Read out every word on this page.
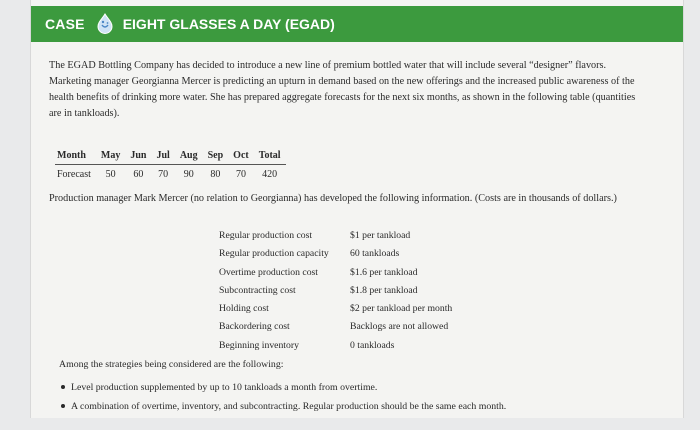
CASE	EIGHT GLASSES A DAY (EGAD)
The EGAD Bottling Company has decided to introduce a new line of premium bottled water that will include several “designer” flavors. Marketing manager Georgianna Mercer is predicting an upturn in demand based on the new offerings and the increased public awareness of the health benefits of drinking more water. She has prepared aggregate forecasts for the next six months, as shown in the following table (quantities are in tankloads).
Month	May	Jun	Jul	Aug	Sep	Oct	Total
Forecast	50	60	70	90	80	70	420
Production manager Mark Mercer (no relation to Georgianna) has developed the following information. (Costs are in thousands of dollars.)
Regular production cost	$1 per tankload
Regular production capacity	60 tankloads
Overtime production cost	$1.6 per tankload
Subcontracting cost	$1.8 per tankload
Holding cost	$2 per tankload per month
Backordering cost	Backlogs are not allowed
Beginning inventory	0 tankloads
Among the strategies being considered are the following:
Level production supplemented by up to 10 tankloads a month from overtime.
A combination of overtime, inventory, and subcontracting. Regular production should be the same each month.
